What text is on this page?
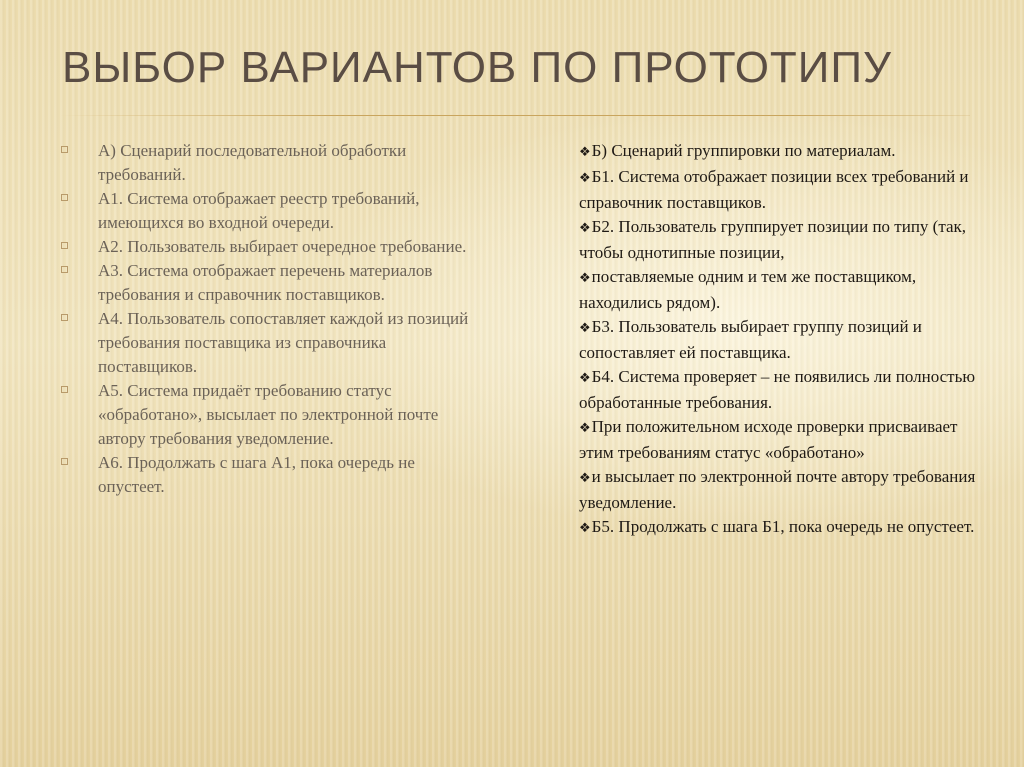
ВЫБОР ВАРИАНТОВ ПО ПРОТОТИПУ
А) Сценарий последовательной обработки требований.
А1. Система отображает реестр требований, имеющихся во входной очереди.
А2. Пользователь выбирает очередное требование.
А3. Система отображает перечень материалов требования и справочник поставщиков.
А4. Пользователь сопоставляет каждой из позиций требования поставщика из справочника поставщиков.
А5. Система придаёт требованию статус «обработано», высылает по электронной почте автору требования уведомление.
А6. Продолжать с шага А1, пока очередь не опустеет.
❖Б) Сценарий группировки по материалам.
❖Б1. Система отображает позиции всех требований и справочник поставщиков.
❖Б2. Пользователь группирует позиции по типу (так, чтобы однотипные позиции,
❖поставляемые одним и тем же поставщиком, находились рядом).
❖Б3. Пользователь выбирает группу позиций и сопоставляет ей поставщика.
❖Б4. Система проверяет – не появились ли полностью обработанные требования.
❖При положительном исходе проверки присваивает этим требованиям статус «обработано»
❖и высылает по электронной почте автору требования уведомление.
❖Б5. Продолжать с шага Б1, пока очередь не опустеет.
